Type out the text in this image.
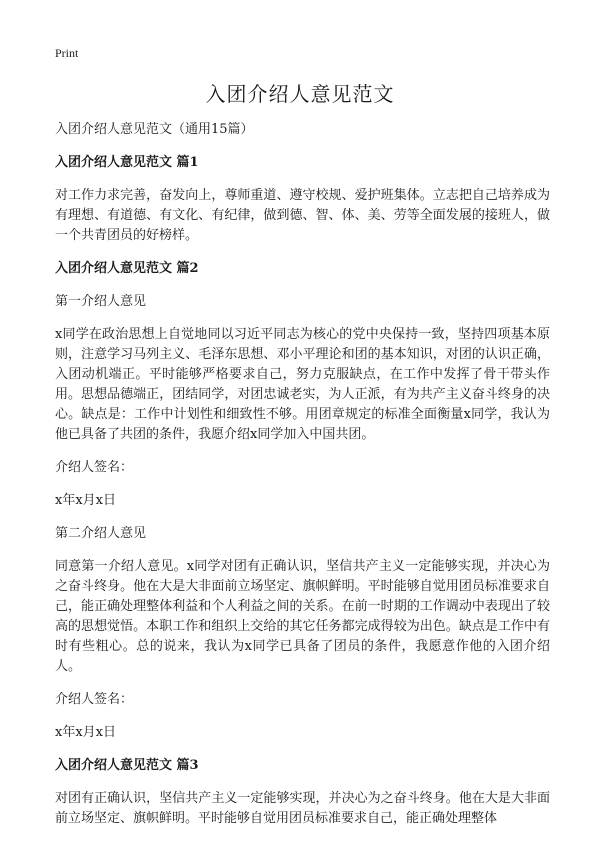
Print
入团介绍人意见范文

入团介绍人意见范文（通用15篇）

入团介绍人意见范文 篇1

对工作力求完善，奋发向上，尊师重道、遵守校规、爱护班集体。立志把自己培养成为有理想、有道德、有文化、有纪律，做到德、智、体、美、劳等全面发展的接班人，做一个共青团员的好榜样。

入团介绍人意见范文 篇2

第一介绍人意见

x同学在政治思想上自觉地同以习近平同志为核心的党中央保持一致，坚持四项基本原则，注意学习马列主义、毛泽东思想、邓小平理论和团的基本知识，对团的认识正确，入团动机端正。平时能够严格要求自己，努力克服缺点，在工作中发挥了骨干带头作用。思想品德端正，团结同学，对团忠诚老实，为人正派，有为共产主义奋斗终身的决心。缺点是：工作中计划性和细致性不够。用团章规定的标准全面衡量x同学，我认为他已具备了共团的条件，我愿介绍x同学加入中国共团。

介绍人签名：

x年x月x日

第二介绍人意见

同意第一介绍人意见。x同学对团有正确认识，坚信共产主义一定能够实现，并决心为之奋斗终身。他在大是大非面前立场坚定、旗帜鲜明。平时能够自觉用团员标准要求自己，能正确处理整体利益和个人利益之间的关系。在前一时期的工作调动中表现出了较高的思想觉悟。本职工作和组织上交给的其它任务都完成得较为出色。缺点是工作中有时有些粗心。总的说来，我认为x同学已具备了团员的条件，我愿意作他的入团介绍人。

介绍人签名：

x年x月x日

入团介绍人意见范文 篇3

对团有正确认识，坚信共产主义一定能够实现，并决心为之奋斗终身。他在大是大非面前立场坚定、旗帜鲜明。平时能够自觉用团员标准要求自己，能正确处理整体
